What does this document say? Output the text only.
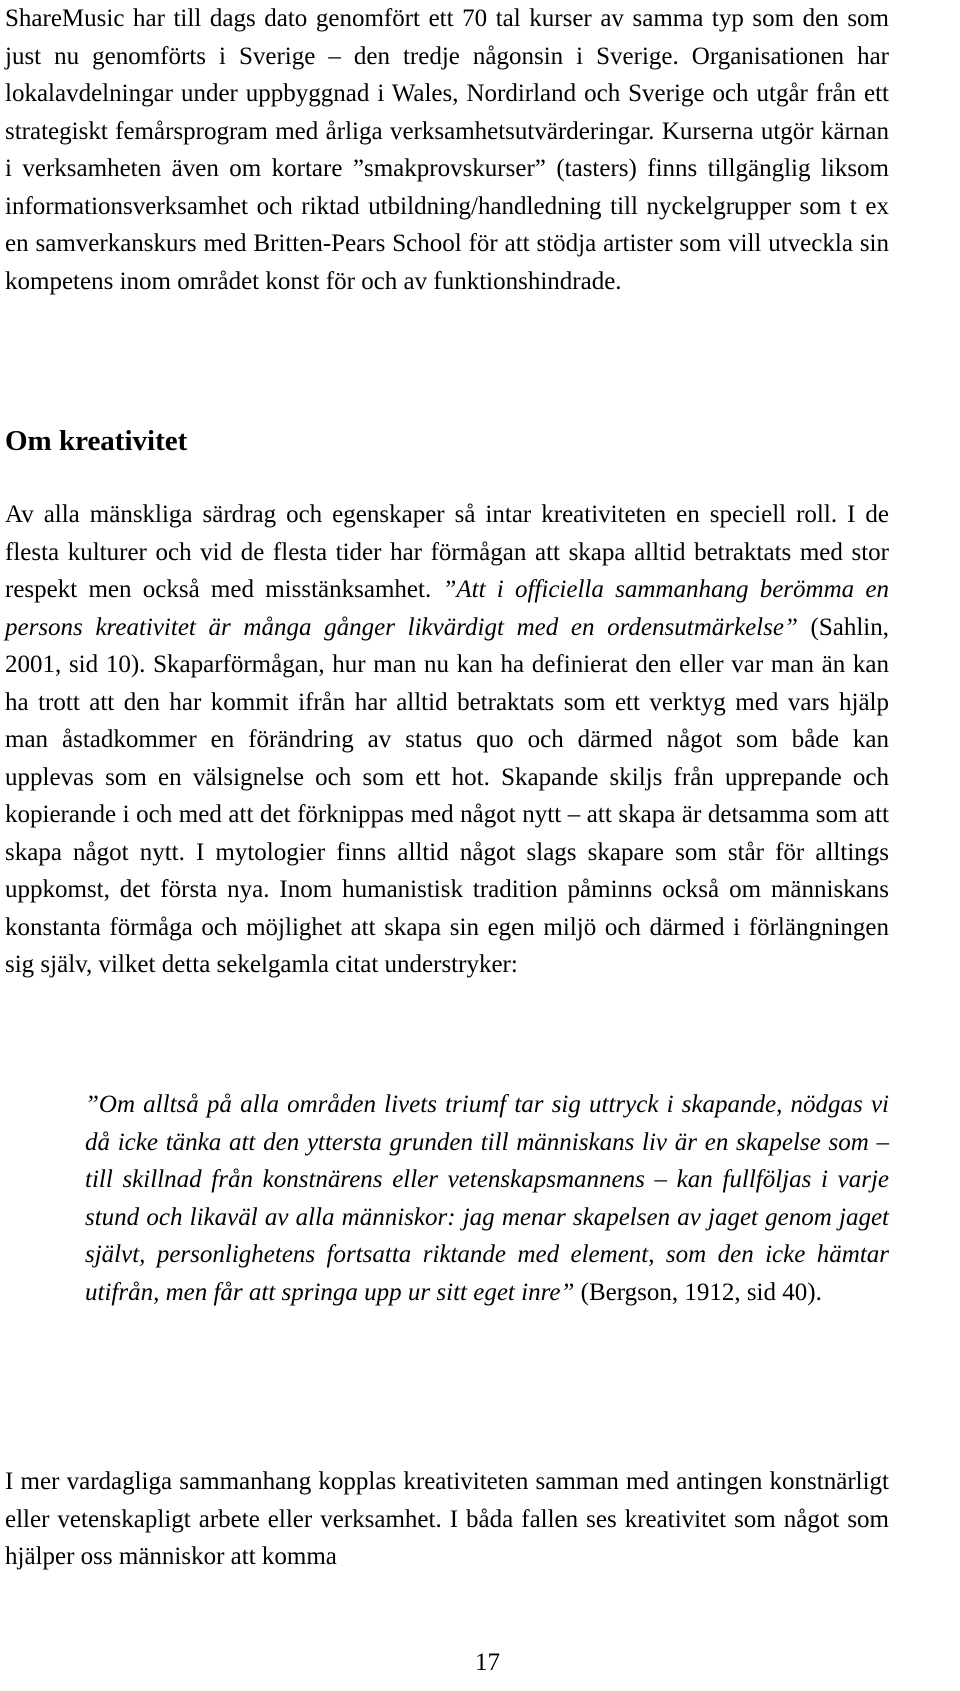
ShareMusic har till dags dato genomfört ett 70 tal kurser av samma typ som den som just nu genomförts i Sverige – den tredje någonsin i Sverige. Organisationen har lokalavdelningar under uppbyggnad i Wales, Nordirland och Sverige och utgår från ett strategiskt femårsprogram med årliga verksamhetsutvärderingar. Kurserna utgör kärnan i verksamheten även om kortare ”smakprovskurser” (tasters) finns tillgänglig liksom informationsverksamhet och riktad utbildning/handledning till nyckelgrupper som t ex en samverkanskurs med Britten-Pears School för att stödja artister som vill utveckla sin kompetens inom området konst för och av funktionshindrade.

Om kreativitet

Av alla mänskliga särdrag och egenskaper så intar kreativiteten en speciell roll. I de flesta kulturer och vid de flesta tider har förmågan att skapa alltid betraktats med stor respekt men också med misstänksamhet. ”Att i officiella sammanhang berömma en persons kreativitet är många gånger likvärdigt med en ordensutmärkelse” (Sahlin, 2001, sid 10). Skaparförmågan, hur man nu kan ha definierat den eller var man än kan ha trott att den har kommit ifrån har alltid betraktats som ett verktyg med vars hjälp man åstadkommer en förändring av status quo och därmed något som både kan upplevas som en välsignelse och som ett hot. Skapande skiljs från upprepande och kopierande i och med att det förknippas med något nytt – att skapa är detsamma som att skapa något nytt. I mytologier finns alltid något slags skapare som står för alltings uppkomst, det första nya. Inom humanistisk tradition påminns också om människans konstanta förmåga och möjlighet att skapa sin egen miljö och därmed i förlängningen sig själv, vilket detta sekelgamla citat understryker:

”Om alltså på alla områden livets triumf tar sig uttryck i skapande, nödgas vi då icke tänka att den yttersta grunden till människans liv är en skapelse som – till skillnad från konstnärens eller vetenskapsmannens – kan fullföljas i varje stund och likaväl av alla människor: jag menar skapelsen av jaget genom jaget självt, personlighetens fortsatta riktande med element, som den icke hämtar utifrån, men får att springa upp ur sitt eget inre” (Bergson, 1912, sid 40).

I mer vardagliga sammanhang kopplas kreativiteten samman med antingen konstnärligt eller vetenskapligt arbete eller verksamhet. I båda fallen ses kreativitet som något som hjälper oss människor att komma

17
